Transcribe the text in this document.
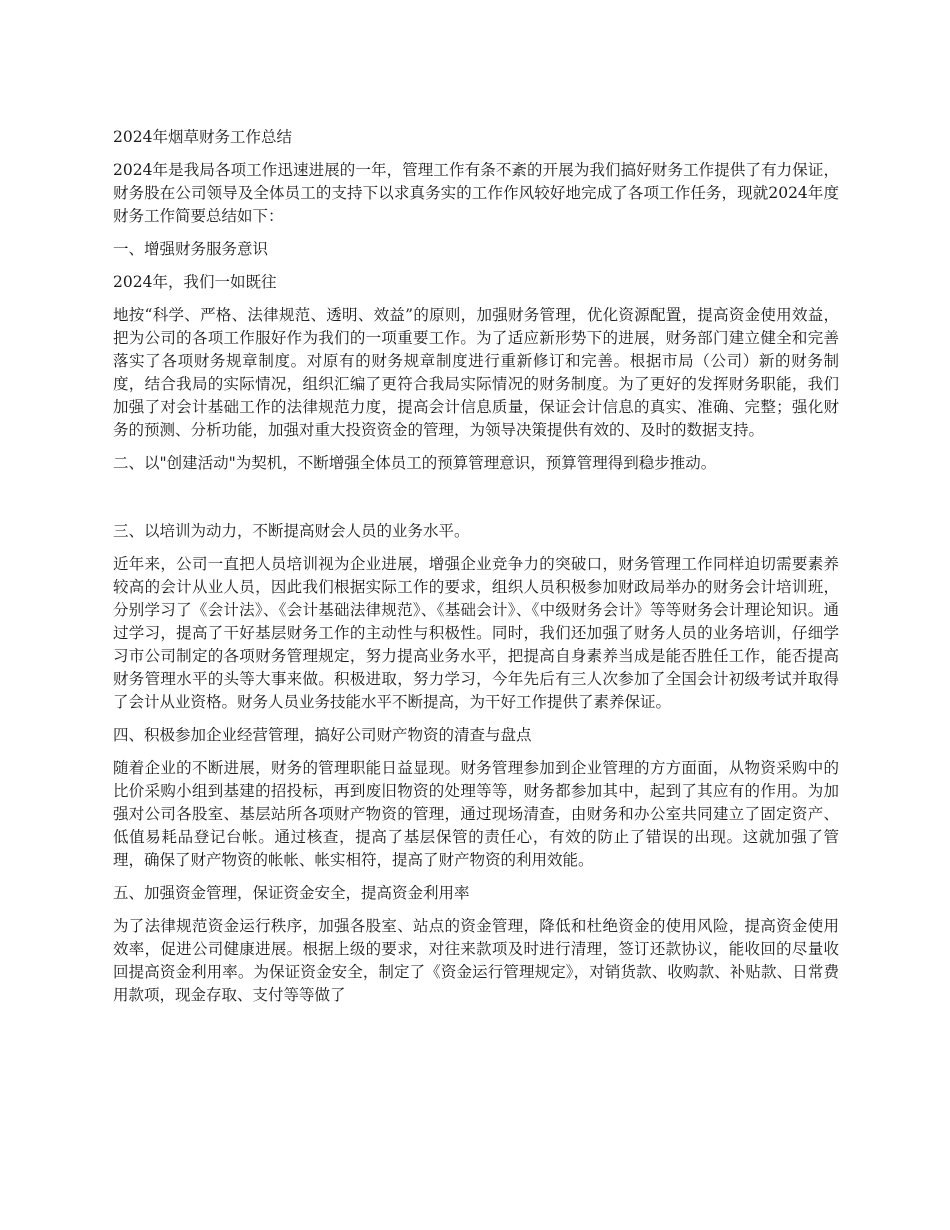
2024年烟草财务工作总结

2024年是我局各项工作迅速进展的一年，管理工作有条不紊的开展为我们搞好财务工作提供了有力保证，财务股在公司领导及全体员工的支持下以求真务实的工作作风较好地完成了各项工作任务，现就2024年度财务工作简要总结如下：

一、增强财务服务意识

2024年，我们一如既往

地按“科学、严格、法律规范、透明、效益”的原则，加强财务管理，优化资源配置，提高资金使用效益，把为公司的各项工作服好作为我们的一项重要工作。为了适应新形势下的进展，财务部门建立健全和完善落实了各项财务规章制度。对原有的财务规章制度进行重新修订和完善。根据市局（公司）新的财务制度，结合我局的实际情况，组织汇编了更符合我局实际情况的财务制度。为了更好的发挥财务职能，我们加强了对会计基础工作的法律规范力度，提高会计信息质量，保证会计信息的真实、准确、完整；强化财务的预测、分析功能，加强对重大投资资金的管理，为领导决策提供有效的、及时的数据支持。

二、以"创建活动"为契机，不断增强全体员工的预算管理意识，预算管理得到稳步推动。

三、以培训为动力，不断提高财会人员的业务水平。

近年来，公司一直把人员培训视为企业进展，增强企业竞争力的突破口，财务管理工作同样迫切需要素养较高的会计从业人员，因此我们根据实际工作的要求，组织人员积极参加财政局举办的财务会计培训班，分别学习了《会计法》、《会计基础法律规范》、《基础会计》、《中级财务会计》等等财务会计理论知识。通过学习，提高了干好基层财务工作的主动性与积极性。同时，我们还加强了财务人员的业务培训，仔细学习市公司制定的各项财务管理规定，努力提高业务水平，把提高自身素养当成是能否胜任工作，能否提高财务管理水平的头等大事来做。积极进取，努力学习，今年先后有三人次参加了全国会计初级考试并取得了会计从业资格。财务人员业务技能水平不断提高，为干好工作提供了素养保证。

四、积极参加企业经营管理，搞好公司财产物资的清查与盘点

随着企业的不断进展，财务的管理职能日益显现。财务管理参加到企业管理的方方面面，从物资采购中的比价采购小组到基建的招投标，再到废旧物资的处理等等，财务都参加其中，起到了其应有的作用。为加强对公司各股室、基层站所各项财产物资的管理，通过现场清查，由财务和办公室共同建立了固定资产、低值易耗品登记台帐。通过核查，提高了基层保管的责任心，有效的防止了错误的出现。这就加强了管理，确保了财产物资的帐帐、帐实相符，提高了财产物资的利用效能。

五、加强资金管理，保证资金安全，提高资金利用率

为了法律规范资金运行秩序，加强各股室、站点的资金管理，降低和杜绝资金的使用风险，提高资金使用效率，促进公司健康进展。根据上级的要求，对往来款项及时进行清理，签订还款协议，能收回的尽量收回提高资金利用率。为保证资金安全，制定了《资金运行管理规定》，对销货款、收购款、补贴款、日常费用款项，现金存取、支付等等做了
